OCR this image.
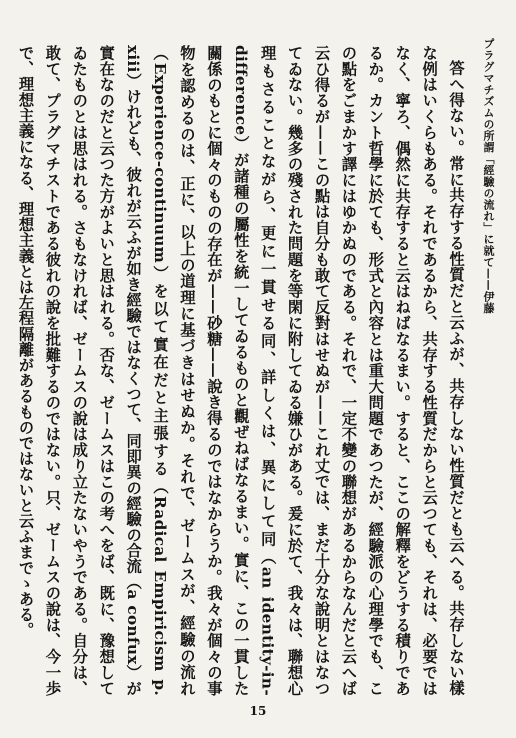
プラグマチズムの所謂「經驗の流れ」に就て——伊藤

答へ得ない。常に共存する性質だと云ふが、共存しない性質だとも云へる。共存しない樣な例はいくらもある。それであるから、共存する性質だからと云つても、それは、必要ではなく、寧ろ、偶然に共存すると云はねばなるまい。すると、ここの解釋をどうする積りであるか。カント哲學に於ても、形式と內容とは重大問題であつたが、經驗派の心理學でも、この點をごまかす譯にはゆかぬのである。それで、一定不變の聯想があるからなんだと云へば云ひ得るが——この點は自分も敢て反對はせぬが——これ丈では、まだ十分な說明とはなつてゐない。幾多の殘された問題を等閑に附してゐる嫌ひがある。爰に於て、我々は、聯想心理もさることながら、更に一貫せる同、詳しくは、異にして同（an identity-in-difference）が諸種の屬性を統一してゐるものと觀ぜねばなるまい。實に、この一貫した關係のもとに個々のものの存在が——砂糖——說き得るのではなからうか。我々が個々の事物を認めるのは、正に、以上の道理に基づきはせぬか。それで、ゼームスが、經驗の流れ（Experience-continuum）を以て實在だと主張する（Radical Empiricism p. xiii）けれども、彼れが云ふが如き經驗ではなくつて、同即異の經驗の合流（a confux）が實在なのだと云つた方がよいと思はれる。否な、ゼームスはこの考へをば、既に、豫想してゐたものとは思はれる。さもなければ、ゼームスの說は成り立たないやうである。自分は、敢て、プラグマチストである彼れの說を批難するのではない。只、ゼームスの說は、今一歩で、理想主義になる、理想主義とは左程隔離があるものではないと云ふまでゝある。

15
